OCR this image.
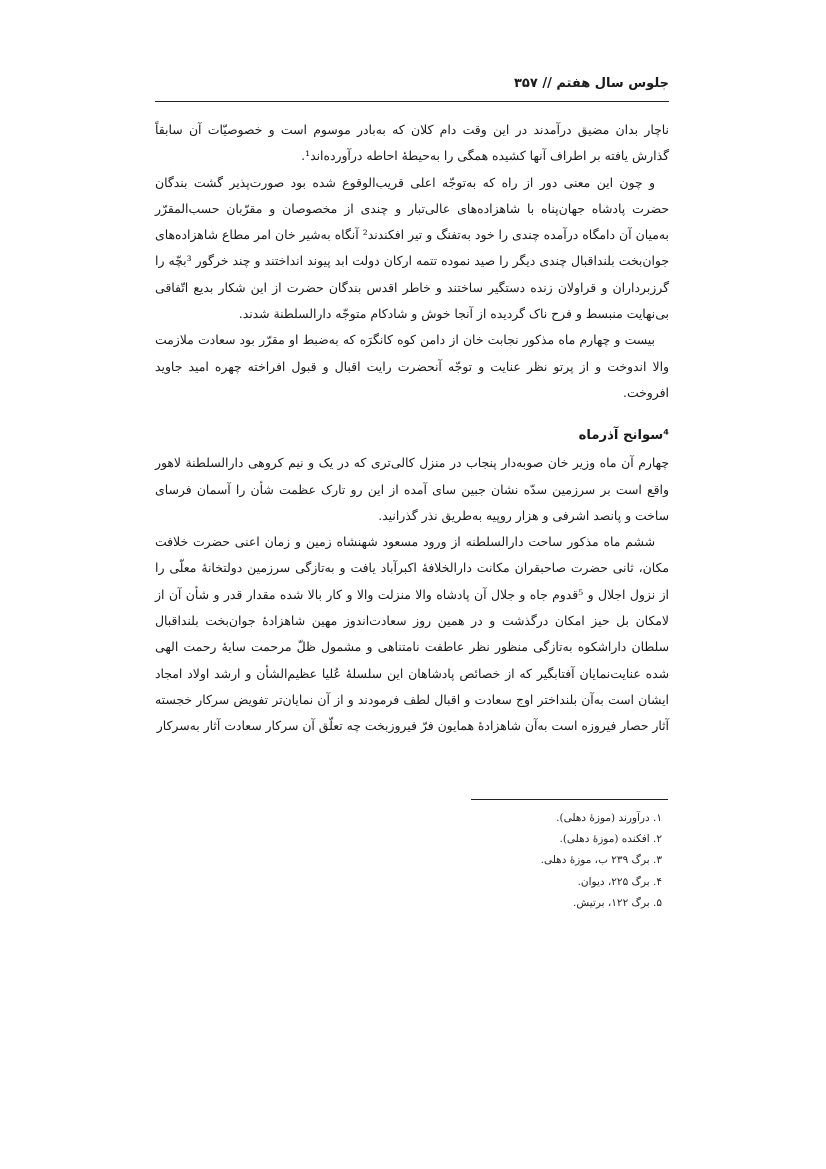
جلوس سال هفتم // ۳۵۷

ناچار بدان مضیق درآمدند در این وقت دام کلان که به‌بادر موسوم است و خصوصیّات آن سابقاً گذارش یافته بر اطراف آنها کشیده همگی را به‌حیطهٔ احاطه درآورده‌اند¹.

و چون این معنی دور از راه که به‌توجّه اعلی قریب‌الوقوع شده بود صورت‌پذیر گشت بندگان حضرت پادشاه جهان‌پناه با شاهزاده‌های عالی‌تبار و چندی از مخصوصان و مقرّبان حسب‌المقرّر به‌میان آن دامگاه درآمده چندی را خود به‌تفنگ و تیر افکندند² آنگاه به‌شیر خان امر مطاع شاهزاده‌های جوان‌بخت بلنداقبال چندی دیگر را صید نموده تتمه ارکان دولت ابد پیوند انداختند و چند خرگور ³بچّه را گرزبرداران و قراولان زنده دستگیر ساختند و خاطر اقدس بندگان حضرت از این شکار بدیع اتّفاقی بی‌نهایت منبسط و فرح ناک گردیده از آنجا خوش و شادکام متوجّه دارالسلطنة شدند.

بیست و چهارم ماه مذکور نجابت خان از دامن کوه کانگرَه که به‌ضبط او مقرّر بود سعادت ملازمت والا اندوخت و از پرتو نظر عنایت و توجّه آنحضرت رایت اقبال و قبول افراخته چهره امید جاوید افروخت.

⁴سوانح آذرماه

چهارم آن ماه وزیر خان صوبه‌دار پنجاب در منزل کالی‌تری که در یک و نیم کروهی دارالسلطنة لاهور واقع است بر سرزمین سدّه نشان جبین سای آمده از این رو تارک عظمت شأن را آسمان فرسای ساخت و پانصد اشرفی و هزار روپیه به‌طریق نذر گذرانید.

ششم ماه مذکور ساحت دارالسلطنه از ورود مسعود شهنشاه زمین و زمان اعنی حضرت خلافت مکان، ثانی حضرت صاحبقران مکانت دارالخلافهٔ اکبرآباد یافت و به‌تازگی سرزمین دولتخانهٔ معلّی را از نزول اجلال و ⁵قدوم جاه و جلال آن پادشاه والا منزلت والا و کار بالا شده مقدار قدر و شأن آن از لامکان بل حیز امکان درگذشت و در همین روز سعادت‌اندوز مهین شاهزادهٔ جوان‌بخت بلنداقبال سلطان داراشکوه به‌تازگی منظور نظر عاطفت نامتناهی و مشمول ظلّ مرحمت سایهٔ رحمت الهی شده عنایت‌نمایان آفتابگیر که از خصائص پادشاهان این سلسلهٔ عُلیا عظیم‌الشأن و ارشد اولاد امجاد ایشان است به‌آن بلنداختر اوج سعادت و اقبال لطف فرمودند و از آن نمایان‌تر تفویض سرکار خجسته آثار حصار فیروزه است به‌آن شاهزادهٔ همایون فرّ فیروزبخت چه تعلّق آن سرکار سعادت آثار به‌سرکار

۱. درآورند (موزهٔ دهلی).
۲. افکنده (موزهٔ دهلی).
۳. برگ ۲۳۹ ب، موزهٔ دهلی.
۴. برگ ۲۲۵، دیوان.
۵. برگ ۱۲۲، برتیش.
